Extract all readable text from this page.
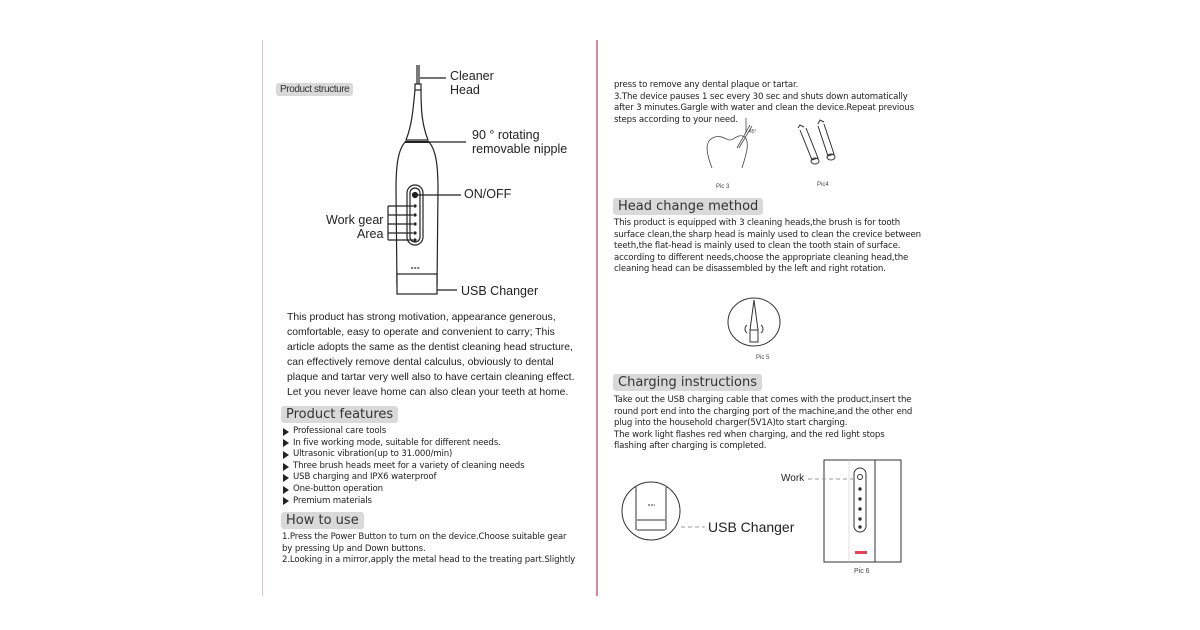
Product structure
Cleaner
Head
90 ° rotating
removable nipple
ON/OFF
Work gear
Area
USB Changer
This product has strong motivation, appearance generous,
comfortable, easy to operate and convenient to carry; This
article adopts the same as the dentist cleaning head structure,
can effectively remove dental calculus, obviously to dental
plaque and tartar very well also to have certain cleaning effect.
Let you never leave home can also clean your teeth at home.
Product features
Professional care tools
In five working mode, suitable for different needs.
Ultrasonic vibration(up to 31.000/min)
Three brush heads meet for a variety of cleaning needs
USB charging and IPX6 waterproof
One-button operation
Premium materials
How to use
1.Press the Power Button to turn on the device.Choose suitable gear
by pressing Up and Down buttons.
2.Looking in a mirror,apply the metal head to the treating part.Slightly
press to remove any dental plaque or tartar.
3.The device pauses 1 sec every 30 sec and shuts down automatically
after 3 minutes.Gargle with water and clean the device.Repeat previous
steps according to your need.
45°
Pic 3	Pic4
Head change method
This product is equipped with 3 cleaning heads,the brush is for tooth
surface clean,the sharp head is mainly used to clean the crevice between
teeth,the flat-head is mainly used to clean the tooth stain of surface.
according to different needs,choose the appropriate cleaning head,the
cleaning head can be disassembled by the left and right rotation.
Pic 5
Charging instructions
Take out the USB charging cable that comes with the product,insert the
round port end into the charging port of the machine,and the other end
plug into the household charger(5V1A)to start charging.
The work light flashes red when charging, and the red light stops
flashing after charging is completed.
Work
USB Changer
Pic 6
